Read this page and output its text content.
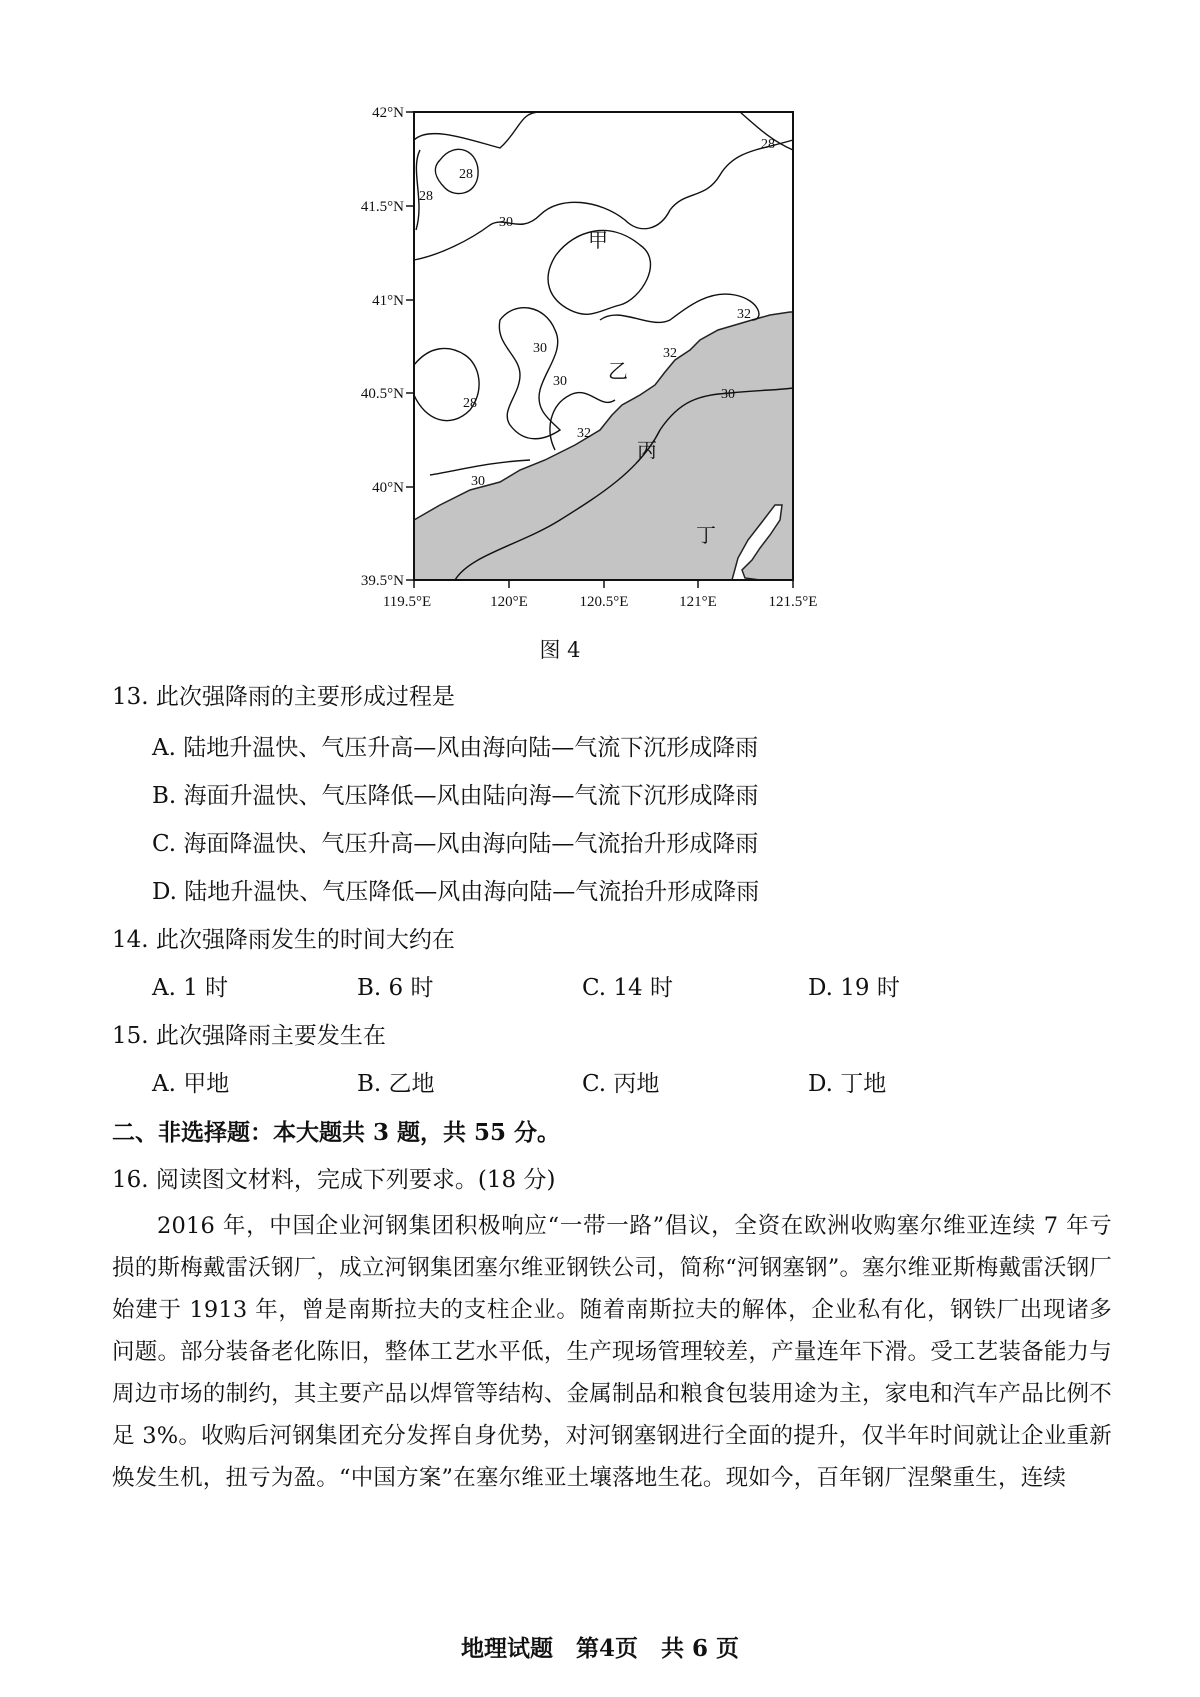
42°N
41.5°N
41°N
40.5°N
40°N
39.5°N
119.5°E	120°E	120.5°E	121°E	121.5°E
28
28
30
30
30
30
32
32
32
28
28
30
甲
乙
丙
丁
图 4
13. 此次强降雨的主要形成过程是
A. 陆地升温快、气压升高—风由海向陆—气流下沉形成降雨
B. 海面升温快、气压降低—风由陆向海—气流下沉形成降雨
C. 海面降温快、气压升高—风由海向陆—气流抬升形成降雨
D. 陆地升温快、气压降低—风由海向陆—气流抬升形成降雨
14. 此次强降雨发生的时间大约在
A. 1 时	B. 6 时	C. 14 时	D. 19 时
15. 此次强降雨主要发生在
A. 甲地	B. 乙地	C. 丙地	D. 丁地
二、非选择题：本大题共 3 题，共 55 分。
16. 阅读图文材料，完成下列要求。(18 分)
2016 年，中国企业河钢集团积极响应“一带一路”倡议，全资在欧洲收购塞尔维亚连续 7 年亏损的斯梅戴雷沃钢厂，成立河钢集团塞尔维亚钢铁公司，简称“河钢塞钢”。塞尔维亚斯梅戴雷沃钢厂始建于 1913 年，曾是南斯拉夫的支柱企业。随着南斯拉夫的解体，企业私有化，钢铁厂出现诸多问题。部分装备老化陈旧，整体工艺水平低，生产现场管理较差，产量连年下滑。受工艺装备能力与周边市场的制约，其主要产品以焊管等结构、金属制品和粮食包装用途为主，家电和汽车产品比例不足 3%。收购后河钢集团充分发挥自身优势，对河钢塞钢进行全面的提升，仅半年时间就让企业重新焕发生机，扭亏为盈。“中国方案”在塞尔维亚土壤落地生花。现如今，百年钢厂涅槃重生，连续
地理试题　第4页　共 6 页
